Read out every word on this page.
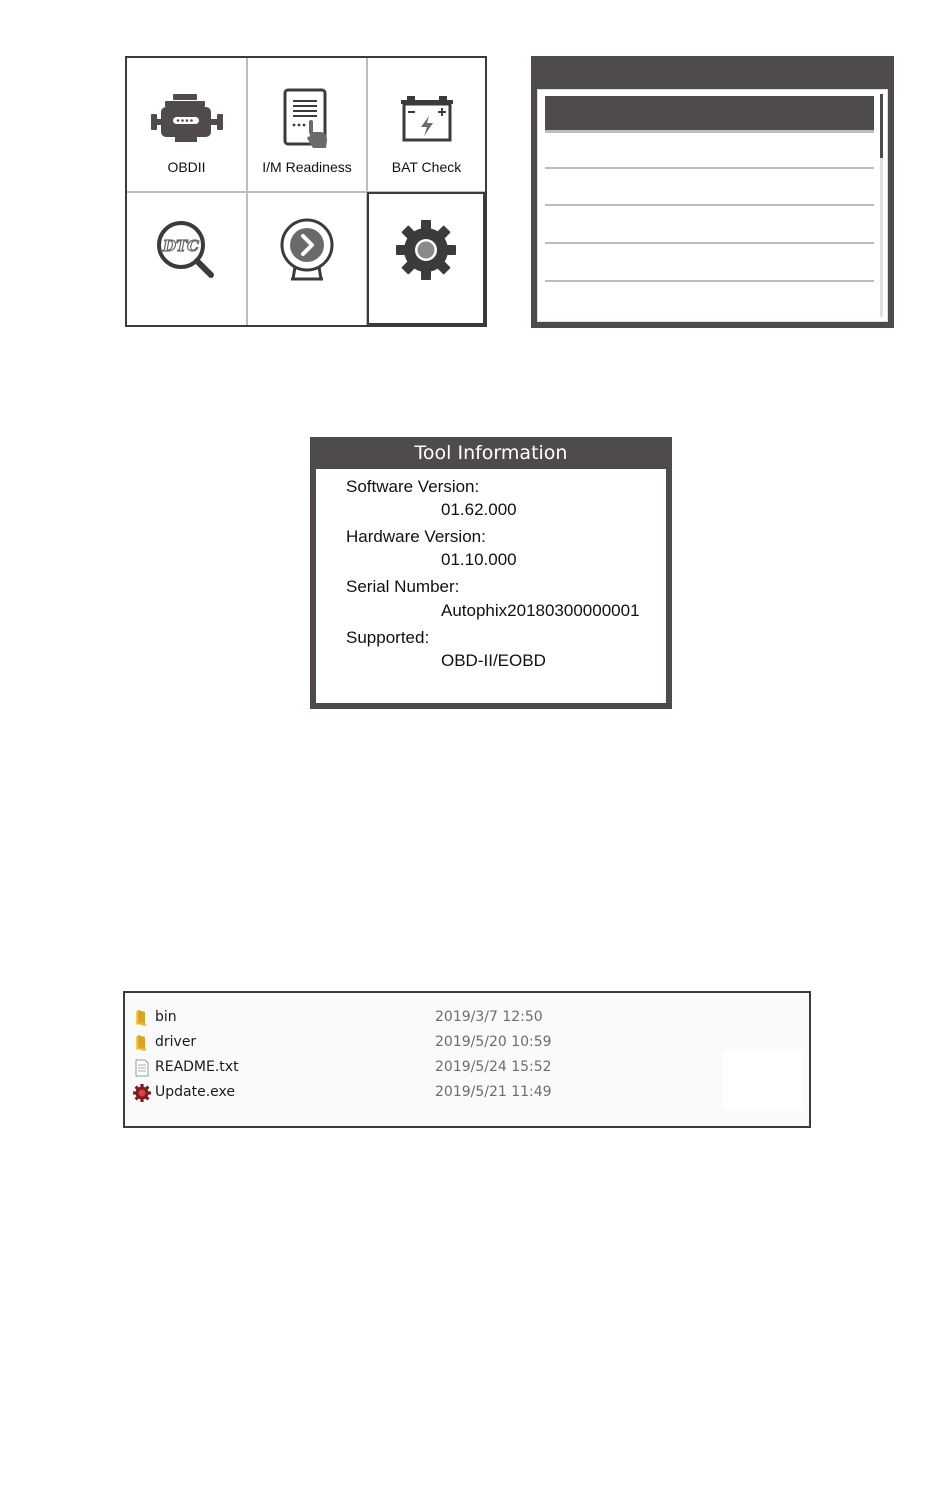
OBDII	I/M Readiness	BAT Check
DTC
Tool Information
Software Version:
01.62.000
Hardware Version:
01.10.000
Serial Number:
Autophix20180300000001
Supported:
OBD-II/EOBD
bin	2019/3/7 12:50
driver	2019/5/20 10:59
README.txt	2019/5/24 15:52
Update.exe	2019/5/21 11:49
